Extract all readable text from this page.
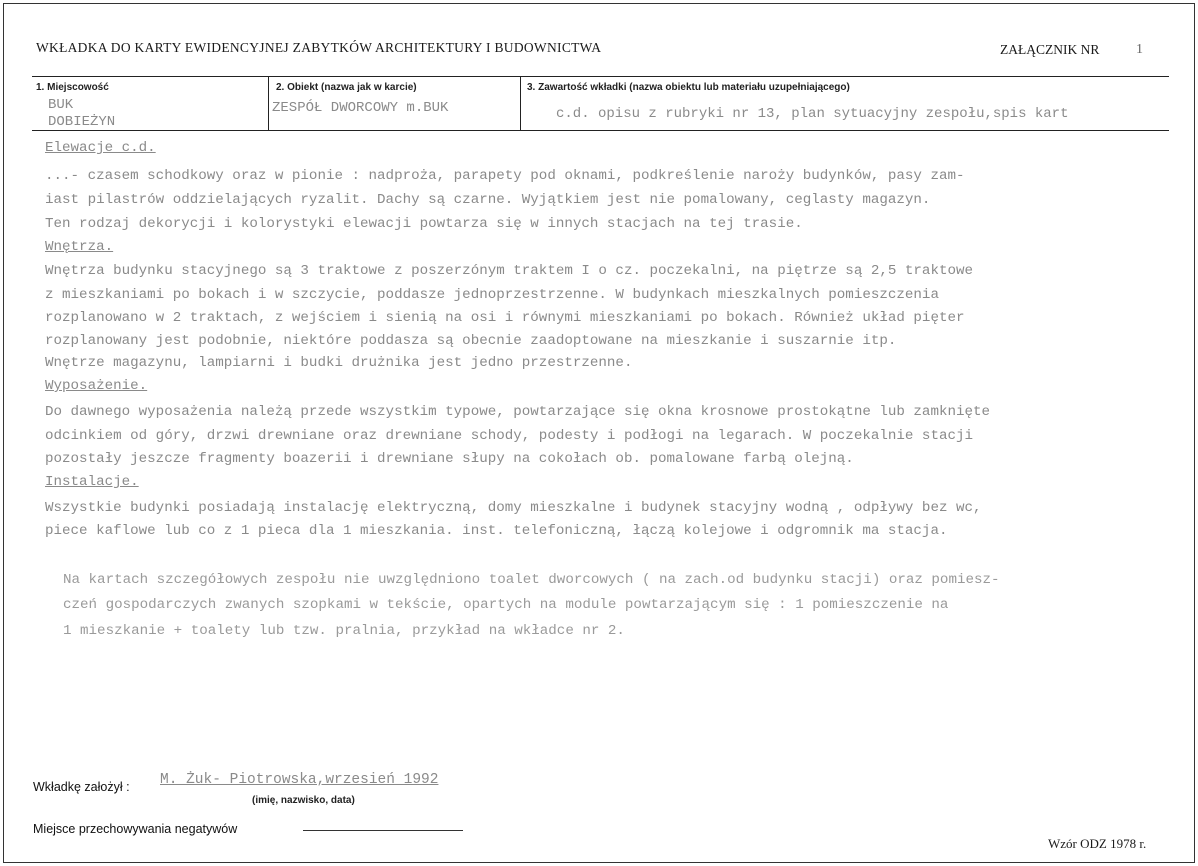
WKŁADKA DO KARTY EWIDENCYJNEJ ZABYTKÓW ARCHITEKTURY I BUDOWNICTWA	ZAŁĄCZNIK NR	1
1. Miejscowość
BUK
DOBIEŻYN
2. Obiekt (nazwa jak w karcie)
ZESPÓŁ DWORCOWY m.BUK
3. Zawartość wkładki (nazwa obiektu lub materiału uzupełniającego)
c.d. opisu z rubryki nr 13, plan sytuacyjny zespołu,spis kart
Elewacje c.d.
...- czasem schodkowy oraz w pionie : nadproża, parapety pod oknami, podkreślenie naroży budynków, pasy zam-
iast pilastrów oddzielających ryzalit. Dachy są czarne. Wyjątkiem jest nie pomalowany, ceglasty magazyn.
Ten rodzaj dekorycji i kolorystyki elewacji powtarza się w innych stacjach na tej trasie.
Wnętrza.
Wnętrza budynku stacyjnego są 3 traktowe z poszerzónym traktem I o cz. poczekalni, na piętrze są 2,5 traktowe
z mieszkaniami po bokach i w szczycie, poddasze jednoprzestrzenne. W budynkach mieszkalnych pomieszczenia
rozplanowano w 2 traktach, z wejściem i sienią na osi i równymi mieszkaniami po bokach. Również układ pięter
rozplanowany jest podobnie, niektóre poddasza są obecnie zaadoptowane na mieszkanie i suszarnie itp.
Wnętrze magazynu, lampiarni i budki drużnika jest jedno przestrzenne.
Wyposażenie.
Do dawnego wyposażenia należą przede wszystkim typowe, powtarzające się okna krosnowe prostokątne lub zamknięte
odcinkiem od góry, drzwi drewniane oraz drewniane schody, podesty i podłogi na legarach. W poczekalnie stacji
pozostały jeszcze fragmenty boazerii i drewniane słupy na cokołach ob. pomalowane farbą olejną.
Instalacje.
Wszystkie budynki posiadają instalację elektryczną, domy mieszkalne i budynek stacyjny wodną , odpływy bez wc,
piece kaflowe lub co z 1 pieca dla 1 mieszkania. inst. telefoniczną, łączą kolejowe i odgromnik ma stacja.
Na kartach szczegółowych zespołu nie uwzględniono toalet dworcowych ( na zach.od budynku stacji) oraz pomiesz-
czeń gospodarczych zwanych szopkami w tekście, opartych na module powtarzającym się : 1 pomieszczenie na
1 mieszkanie + toalety lub tzw. pralnia, przykład na wkładce nr 2.
Wkładkę założył : M. Żuk- Piotrowska,wrzesień 1992
(imię, nazwisko, data)
Miejsce przechowywania negatywów
Wzór ODZ 1978 r.
